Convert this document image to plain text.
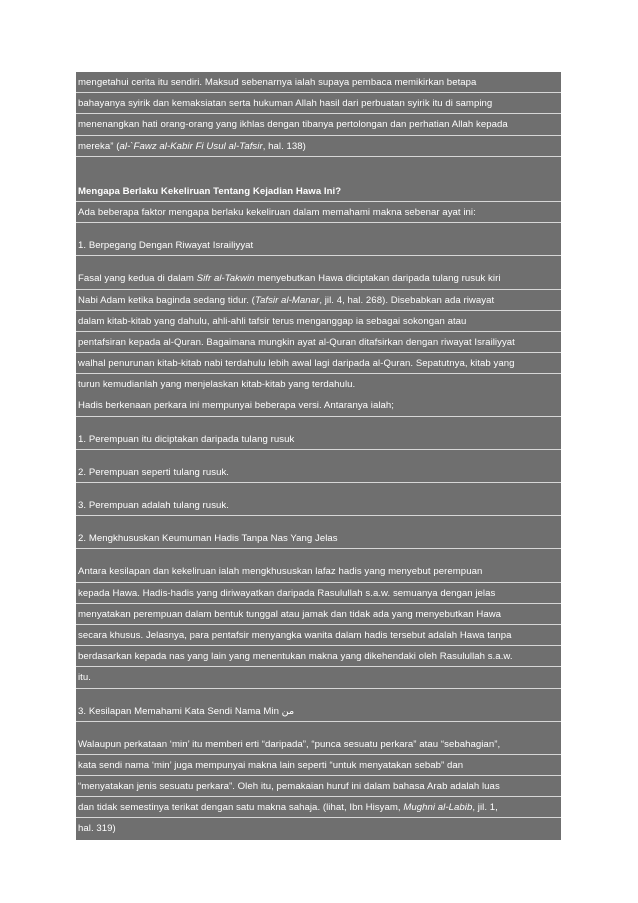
mengetahui cerita itu sendiri. Maksud sebenarnya ialah supaya pembaca memikirkan betapa
bahayanya syirik dan kemaksiatan serta hukuman Allah hasil dari perbuatan syirik itu di samping
menenangkan hati orang-orang yang ikhlas dengan tibanya pertolongan dan perhatian Allah kepada
mereka” (al-`Fawz al-Kabir Fi Usul al-Tafsir, hal. 138)
Mengapa Berlaku Kekeliruan Tentang Kejadian Hawa Ini?
Ada beberapa faktor mengapa berlaku kekeliruan dalam memahami makna sebenar ayat ini:
1. Berpegang Dengan Riwayat Israiliyyat
Fasal yang kedua di dalam Sifr al-Takwin menyebutkan Hawa diciptakan daripada tulang rusuk kiri
Nabi Adam ketika baginda sedang tidur. (Tafsir al-Manar, jil. 4, hal. 268). Disebabkan ada riwayat
dalam kitab-kitab yang dahulu, ahli-ahli tafsir terus menganggap ia sebagai sokongan atau
pentafsiran kepada al-Quran. Bagaimana mungkin ayat al-Quran ditafsirkan dengan riwayat Israiliyyat
walhal penurunan kitab-kitab nabi terdahulu lebih awal lagi daripada al-Quran. Sepatutnya, kitab yang
turun kemudianlah yang menjelaskan kitab-kitab yang terdahulu.
Hadis berkenaan perkara ini mempunyai beberapa versi. Antaranya ialah;
1. Perempuan itu diciptakan daripada tulang rusuk
2. Perempuan seperti tulang rusuk.
3. Perempuan adalah tulang rusuk.
2. Mengkhususkan Keumuman Hadis Tanpa Nas Yang Jelas
Antara kesilapan dan kekeliruan ialah mengkhususkan lafaz hadis yang menyebut perempuan
kepada Hawa. Hadis-hadis yang diriwayatkan daripada Rasulullah s.a.w. semuanya dengan jelas
menyatakan perempuan dalam bentuk tunggal atau jamak dan tidak ada yang menyebutkan Hawa
secara khusus. Jelasnya, para pentafsir menyangka wanita dalam hadis tersebut adalah Hawa tanpa
berdasarkan kepada nas yang lain yang menentukan makna yang dikehendaki oleh Rasulullah s.a.w.
itu.
3. Kesilapan Memahami Kata Sendi Nama Min من
Walaupun perkataan ‘min’ itu memberi erti “daripada”, “punca sesuatu perkara” atau “sebahagian”,
kata sendi nama ‘min’ juga mempunyai makna lain seperti “untuk menyatakan sebab” dan
“menyatakan jenis sesuatu perkara”. Oleh itu, pemakaian huruf ini dalam bahasa Arab adalah luas
dan tidak semestinya terikat dengan satu makna sahaja. (lihat, Ibn Hisyam, Mughni al-Labib, jil. 1,
hal. 319)
